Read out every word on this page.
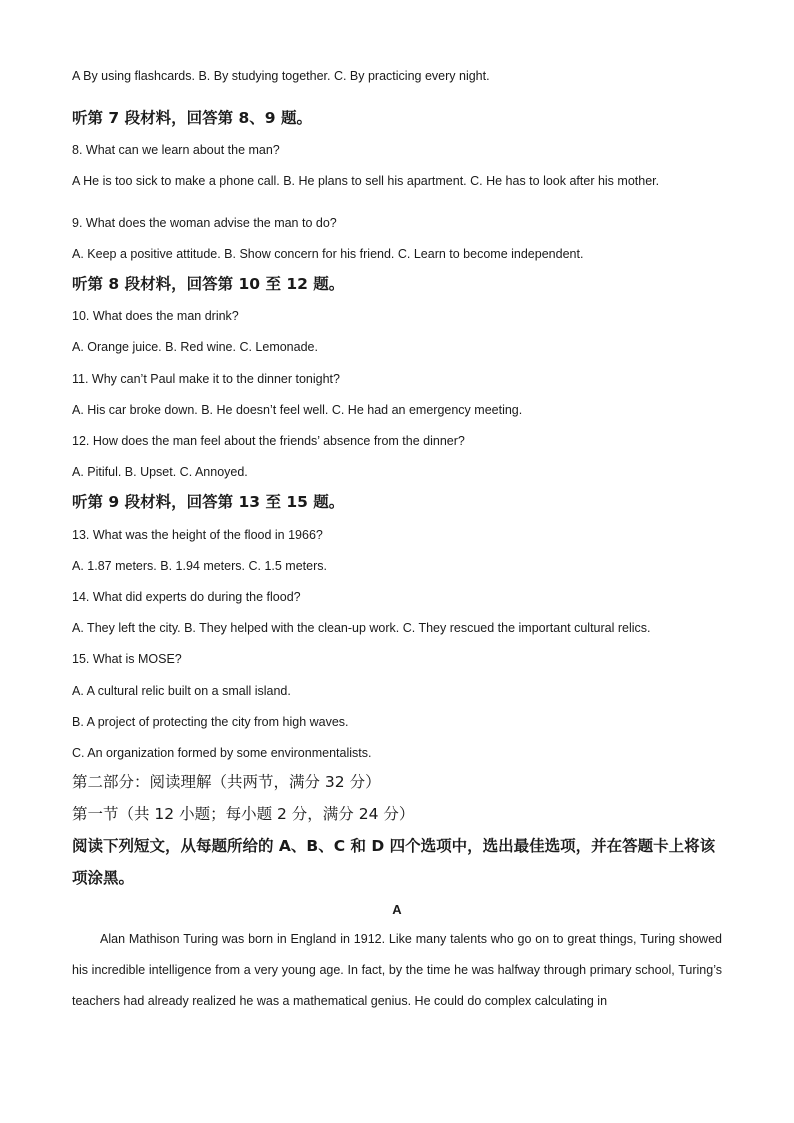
A By using flashcards. B. By studying together. C. By practicing every night.
听第 7 段材料，回答第 8、9 题。
8. What can we learn about the man?
A He is too sick to make a phone call. B. He plans to sell his apartment. C. He has to look after his mother.
9. What does the woman advise the man to do?
A. Keep a positive attitude. B. Show concern for his friend. C. Learn to become independent.
听第 8 段材料，回答第 10 至 12 题。
10. What does the man drink?
A. Orange juice. B. Red wine. C. Lemonade.
11. Why can’t Paul make it to the dinner tonight?
A. His car broke down. B. He doesn’t feel well. C. He had an emergency meeting.
12. How does the man feel about the friends’ absence from the dinner?
A. Pitiful. B. Upset. C. Annoyed.
听第 9 段材料，回答第 13 至 15 题。
13. What was the height of the flood in 1966?
A. 1.87 meters. B. 1.94 meters. C. 1.5 meters.
14. What did experts do during the flood?
A. They left the city. B. They helped with the clean-up work. C. They rescued the important cultural relics.
15. What is MOSE?
A. A cultural relic built on a small island.
B. A project of protecting the city from high waves.
C. An organization formed by some environmentalists.
第二部分：阅读理解（共两节，满分 32 分）
第一节（共 12 小题；每小题 2 分，满分 24 分）
阅读下列短文，从每题所给的 A、B、C 和 D 四个选项中，选出最佳选项，并在答题卡上将该
项涂黑。
A
Alan Mathison Turing was born in England in 1912. Like many talents who go on to great things, Turing showed his incredible intelligence from a very young age. In fact, by the time he was halfway through primary school, Turing’s teachers had already realized he was a mathematical genius. He could do complex calculating in
